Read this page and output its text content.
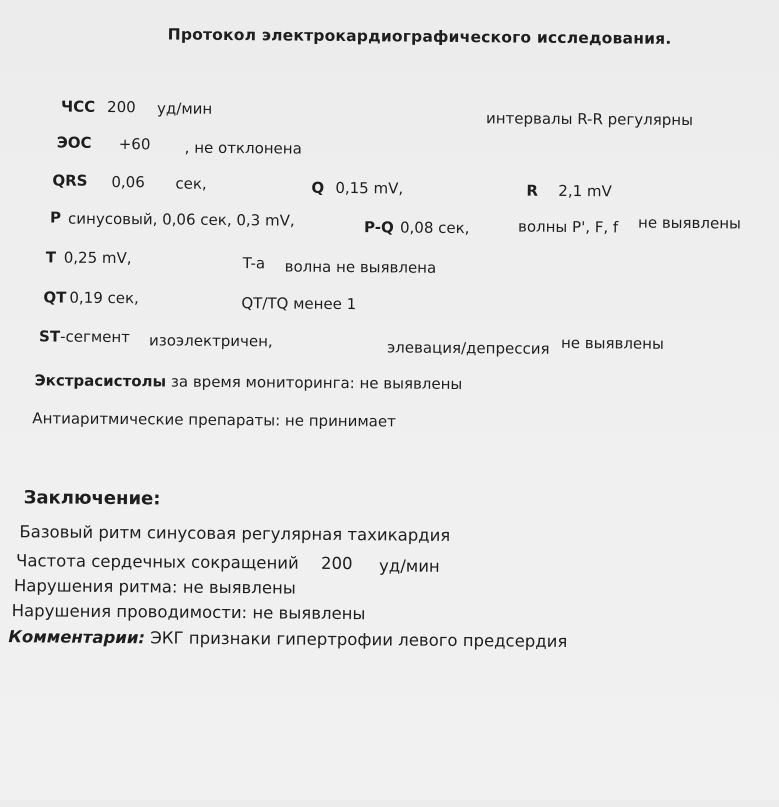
Протокол электрокардиографического исследования.
ЧСС 200 уд/мин
интервалы R-R регулярны
ЭОС +60 , не отклонена
QRS 0,06 сек,	Q 0,15 mV,	R 2,1 mV
P синусовый, 0,06 сек, 0,3 mV,	P-Q 0,08 сек,	волны P', F, f не выявлены
T 0,25 mV,	T-a волна не выявлена
QT 0,19 сек,	QT/TQ менее 1
ST-сегмент изоэлектричен,	элевация/депрессия не выявлены
Экстрасистолы за время мониторинга: не выявлены
Антиаритмические препараты: не принимает
Заключение:
Базовый ритм синусовая регулярная тахикардия
Частота сердечных сокращений 200 уд/мин
Нарушения ритма: не выявлены
Нарушения проводимости: не выявлены
Комментарии: ЭКГ признаки гипертрофии левого предсердия
